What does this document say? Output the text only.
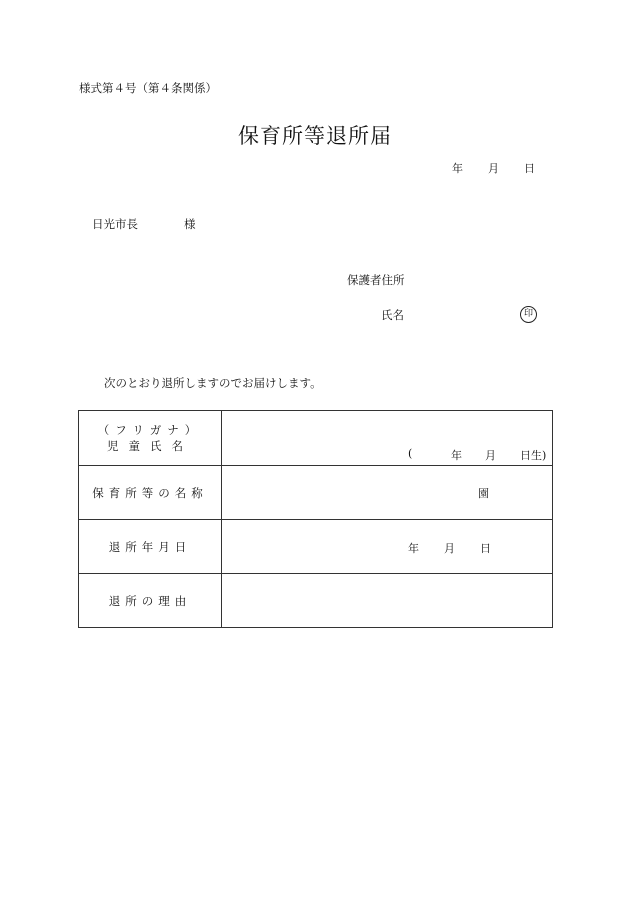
様式第４号（第４条関係）
保育所等退所届
年 月 日
日光市長	様
保護者住所
氏名	印
次のとおり退所しますのでお届けします。
（フリガナ）
児童氏名	( 年 月 日生)

保育所等の名称	園

退所年月日	年 月 日

退所の理由	
